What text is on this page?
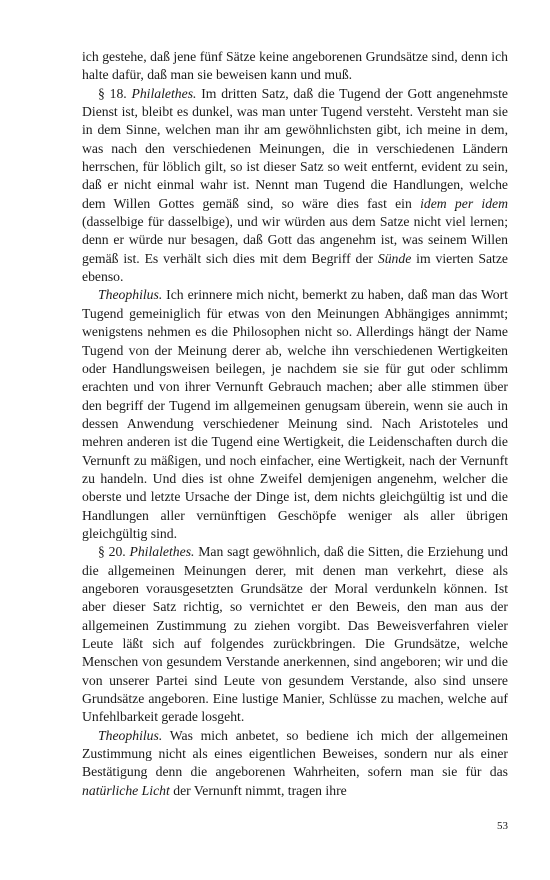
ich gestehe, daß jene fünf Sätze keine angeborenen Grundsätze sind, denn ich halte dafür, daß man sie beweisen kann und muß.

§ 18. Philalethes. Im dritten Satz, daß die Tugend der Gott angenehmste Dienst ist, bleibt es dunkel, was man unter Tugend versteht. Versteht man sie in dem Sinne, welchen man ihr am gewöhnlichsten gibt, ich meine in dem, was nach den verschiedenen Meinungen, die in verschiedenen Ländern herrschen, für löblich gilt, so ist dieser Satz so weit entfernt, evident zu sein, daß er nicht einmal wahr ist. Nennt man Tugend die Handlungen, welche dem Willen Gottes gemäß sind, so wäre dies fast ein idem per idem (dasselbige für dasselbige), und wir würden aus dem Satze nicht viel lernen; denn er würde nur besagen, daß Gott das angenehm ist, was seinem Willen gemäß ist. Es verhält sich dies mit dem Begriff der Sünde im vierten Satze ebenso.

Theophilus. Ich erinnere mich nicht, bemerkt zu haben, daß man das Wort Tugend gemeiniglich für etwas von den Meinungen Abhängiges annimmt; wenigstens nehmen es die Philosophen nicht so. Allerdings hängt der Name Tugend von der Meinung derer ab, welche ihn verschiedenen Wertigkeiten oder Handlungsweisen beilegen, je nachdem sie sie für gut oder schlimm erachten und von ihrer Vernunft Gebrauch machen; aber alle stimmen über den begriff der Tugend im allgemeinen genugsam überein, wenn sie auch in dessen Anwendung verschiedener Meinung sind. Nach Aristoteles und mehren anderen ist die Tugend eine Wertigkeit, die Leidenschaften durch die Vernunft zu mäßigen, und noch einfacher, eine Wertigkeit, nach der Vernunft zu handeln. Und dies ist ohne Zweifel demjenigen angenehm, welcher die oberste und letzte Ursache der Dinge ist, dem nichts gleichgültig ist und die Handlungen aller vernünftigen Geschöpfe weniger als aller übrigen gleichgültig sind.

§ 20. Philalethes. Man sagt gewöhnlich, daß die Sitten, die Erziehung und die allgemeinen Meinungen derer, mit denen man verkehrt, diese als angeboren vorausgesetzten Grundsätze der Moral verdunkeln können. Ist aber dieser Satz richtig, so vernichtet er den Beweis, den man aus der allgemeinen Zustimmung zu ziehen vorgibt. Das Beweisverfahren vieler Leute läßt sich auf folgendes zurückbringen. Die Grundsätze, welche Menschen von gesundem Verstande anerkennen, sind angeboren; wir und die von unserer Partei sind Leute von gesundem Verstande, also sind unsere Grundsätze angeboren. Eine lustige Manier, Schlüsse zu machen, welche auf Unfehlbarkeit gerade losgeht.

Theophilus. Was mich anbetet, so bediene ich mich der allgemeinen Zustimmung nicht als eines eigentlichen Beweises, sondern nur als einer Bestätigung denn die angeborenen Wahrheiten, sofern man sie für das natürliche Licht der Vernunft nimmt, tragen ihre

53
